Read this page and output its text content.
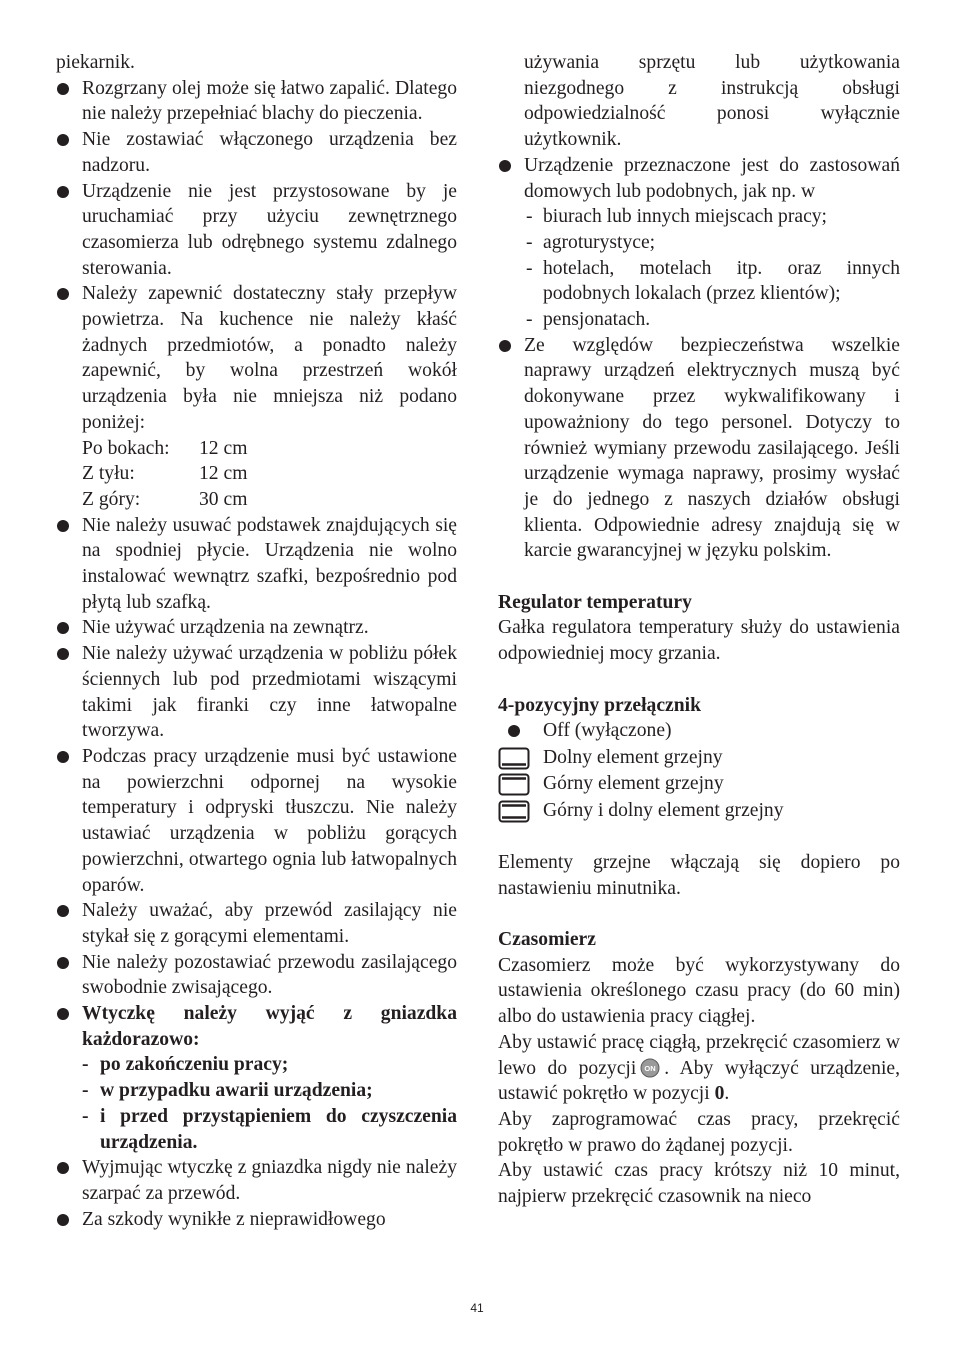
piekarnik.
Rozgrzany olej może się łatwo zapalić. Dlatego nie należy przepełniać blachy do pieczenia.
Nie zostawiać włączonego urządzenia bez nadzoru.
Urządzenie nie jest przystosowane by je uruchamiać przy użyciu zewnętrznego czasomierza lub odrębnego systemu zdalnego sterowania.
Należy zapewnić dostateczny stały przepływ powietrza. Na kuchence nie należy kłaść żadnych przedmiotów, a ponadto należy zapewnić, by wolna przestrzeń wokół urządzenia była nie mniejsza niż podano poniżej:
Po bokach:	12 cm
Z tyłu:	12 cm
Z góry:	30 cm
Nie należy usuwać podstawek znajdujących się na spodniej płycie. Urządzenia nie wolno instalować wewnątrz szafki, bezpośrednio pod płytą lub szafką.
Nie używać urządzenia na zewnątrz.
Nie należy używać urządzenia w pobliżu półek ściennych lub pod przedmiotami wiszącymi takimi jak firanki czy inne łatwopalne tworzywa.
Podczas pracy urządzenie musi być ustawione na powierzchni odpornej na wysokie temperatury i odpryski tłuszczu. Nie należy ustawiać urządzenia w pobliżu gorących powierzchni, otwartego ognia lub łatwopalnych oparów.
Należy uważać, aby przewód zasilający nie stykał się z gorącymi elementami.
Nie należy pozostawiać przewodu zasilającego swobodnie zwisającego.
Wtyczkę należy wyjąć z gniazdka każdorazowo:
- po zakończeniu pracy;
- w przypadku awarii urządzenia;
- i przed przystąpieniem do czyszczenia urządzenia.
Wyjmując wtyczkę z gniazdka nigdy nie należy szarpać za przewód.
Za szkody wynikłe z nieprawidłowego
używania sprzętu lub użytkowania niezgodnego z instrukcją obsługi odpowiedzialność ponosi wyłącznie użytkownik.
Urządzenie przeznaczone jest do zastosowań domowych lub podobnych, jak np. w
- biurach lub innych miejscach pracy;
- agroturystyce;
- hotelach, motelach itp. oraz innych podobnych lokalach (przez klientów);
- pensjonatach.
Ze względów bezpieczeństwa wszelkie naprawy urządzeń elektrycznych muszą być dokonywane przez wykwalifikowany i upoważniony do tego personel. Dotyczy to również wymiany przewodu zasilającego. Jeśli urządzenie wymaga naprawy, prosimy wysłać je do jednego z naszych działów obsługi klienta. Odpowiednie adresy znajdują się w karcie gwarancyjnej w języku polskim.
Regulator temperatury
Gałka regulatora temperatury służy do ustawienia odpowiedniej mocy grzania.
4-pozycyjny przełącznik
Off (wyłączone)
Dolny element grzejny
Górny element grzejny
Górny i dolny element grzejny
Elementy grzejne włączają się dopiero po nastawieniu minutnika.
Czasomierz
Czasomierz może być wykorzystywany do ustawienia określonego czasu pracy (do 60 min) albo do ustawienia pracy ciągłej.
Aby ustawić pracę ciągłą, przekręcić czasomierz w lewo do pozycji ON . Aby wyłączyć urządzenie, ustawić pokrętło w pozycji 0.
Aby zaprogramować czas pracy, przekręcić pokrętło w prawo do żądanej pozycji.
Aby ustawić czas pracy krótszy niż 10 minut, najpierw przekręcić czasownik na nieco
41
